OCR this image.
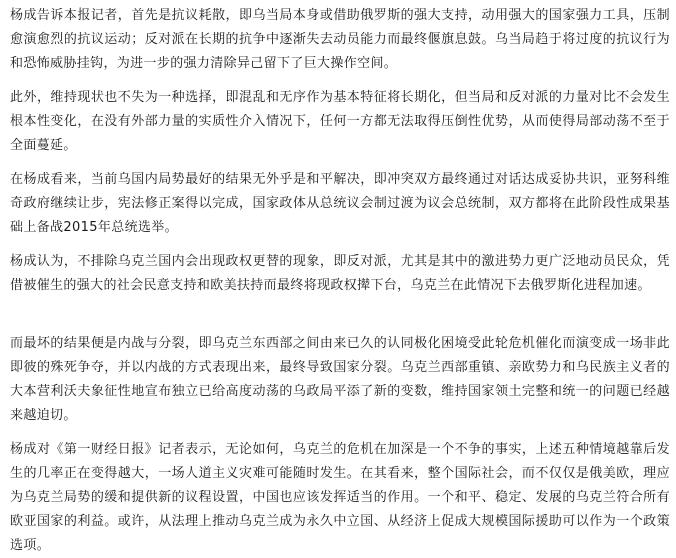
杨成告诉本报记者，首先是抗议耗散，即乌当局本身或借助俄罗斯的强大支持，动用强大的国家强力工具，压制愈演愈烈的抗议运动；反对派在长期的抗争中逐渐失去动员能力而最终偃旗息鼓。乌当局趋于将过度的抗议行为和恐怖威胁挂钩，为进一步的强力清除异己留下了巨大操作空间。

此外，维持现状也不失为一种选择，即混乱和无序作为基本特征将长期化，但当局和反对派的力量对比不会发生根本性变化，在没有外部力量的实质性介入情况下，任何一方都无法取得压倒性优势，从而使得局部动荡不至于全面蔓延。

在杨成看来，当前乌国内局势最好的结果无外乎是和平解决，即冲突双方最终通过对话达成妥协共识，亚努科维奇政府继续让步，宪法修正案得以完成，国家政体从总统议会制过渡为议会总统制，双方都将在此阶段性成果基础上备战2015年总统选举。

杨成认为，不排除乌克兰国内会出现政权更替的现象，即反对派，尤其是其中的激进势力更广泛地动员民众，凭借被催生的强大的社会民意支持和欧美扶持而最终将现政权撵下台，乌克兰在此情况下去俄罗斯化进程加速。

而最坏的结果便是内战与分裂，即乌克兰东西部之间由来已久的认同极化困境受此轮危机催化而演变成一场非此即彼的殊死争夺，并以内战的方式表现出来，最终导致国家分裂。乌克兰西部重镇、亲欧势力和乌民族主义者的大本营利沃夫象征性地宣布独立已给高度动荡的乌政局平添了新的变数，维持国家领土完整和统一的问题已经越来越迫切。

杨成对《第一财经日报》记者表示，无论如何，乌克兰的危机在加深是一个不争的事实，上述五种情境越靠后发生的几率正在变得越大，一场人道主义灾难可能随时发生。在其看来，整个国际社会，而不仅仅是俄美欧，理应为乌克兰局势的缓和提供新的议程设置，中国也应该发挥适当的作用。一个和平、稳定、发展的乌克兰符合所有欧亚国家的利益。或许，从法理上推动乌克兰成为永久中立国、从经济上促成大规模国际援助可以作为一个政策选项。
